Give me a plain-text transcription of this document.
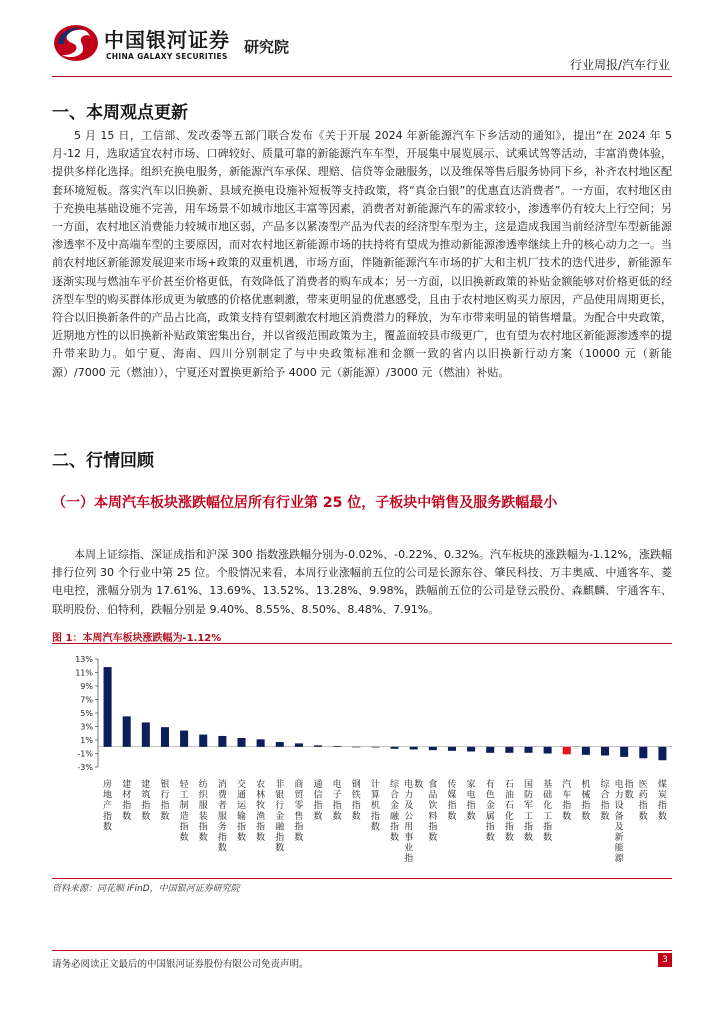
中国银河证券
CHINA GALAXY SECURITIES
研究院
行业周报/汽车行业
一、本周观点更新

5 月 15 日，工信部、发改委等五部门联合发布《关于开展 2024 年新能源汽车下乡活动的通知》，提出“在 2024 年 5 月-12 月，选取适宜农村市场、口碑较好、质量可靠的新能源汽车车型，开展集中展览展示、试乘试驾等活动，丰富消费体验，提供多样化选择。组织充换电服务，新能源汽车承保、理赔、信贷等金融服务，以及维保等售后服务协同下乡，补齐农村地区配套环境短板。落实汽车以旧换新、县域充换电设施补短板等支持政策，将“真金白银”的优惠直达消费者”。一方面，农村地区由于充换电基础设施不完善，用车场景不如城市地区丰富等因素，消费者对新能源汽车的需求较小，渗透率仍有较大上行空间；另一方面，农村地区消费能力较城市地区弱，产品多以紧凑型产品为代表的经济型车型为主，这是造成我国当前经济型车型新能源渗透率不及中高端车型的主要原因，而对农村地区新能源市场的扶持将有望成为推动新能源渗透率继续上升的核心动力之一。当前农村地区新能源发展迎来市场+政策的双重机遇，市场方面，伴随新能源汽车市场的扩大和主机厂技术的迭代进步，新能源车逐渐实现与燃油车平价甚至价格更低，有效降低了消费者的购车成本；另一方面，以旧换新政策的补贴金额能够对价格更低的经济型车型的购买群体形成更为敏感的价格优惠刺激，带来更明显的优惠感受，且由于农村地区购买力原因，产品使用周期更长，符合以旧换新条件的产品占比高，政策支持有望刺激农村地区消费潜力的释放，为车市带来明显的销售增量。为配合中央政策，近期地方性的以旧换新补贴政策密集出台，并以省级范围政策为主，覆盖面较县市级更广，也有望为农村地区新能源渗透率的提升带来助力。如宁夏、海南、四川分别制定了与中央政策标准和金额一致的省内以旧换新行动方案（10000 元（新能源）/7000 元（燃油）），宁夏还对置换更新给予 4000 元（新能源）/3000 元（燃油）补贴。

二、行情回顾
（一）本周汽车板块涨跌幅位居所有行业第 25 位，子板块中销售及服务跌幅最小

本周上证综指、深证成指和沪深 300 指数涨跌幅分别为-0.02%、-0.22%、0.32%。汽车板块的涨跌幅为-1.12%，涨跌幅排行位列 30 个行业中第 25 位。个股情况来看，本周行业涨幅前五位的公司是长源东谷、肇民科技、万丰奥威、中通客车、菱电电控，涨幅分别为 17.61%、13.69%、13.52%、13.28%、9.98%，跌幅前五位的公司是登云股份、森麒麟、宇通客车、联明股份、伯特利，跌幅分别是 9.40%、8.55%、8.50%、8.48%、7.91%。

图 1：本周汽车板块涨跌幅为-1.12%
13%
11%
9%
7%
5%
3%
1%
-1%
-3%
房地产指数
建材指数
建筑指数
银行指数
轻工制造指数
纺织服装指数
消费者服务指数
交通运输指数
农林牧渔指数
非银行金融指数
商贸零售指数
通信指数
电子指数
钢铁指数
计算机指数
综合金融指数
电力及公用事业指数 食品饮料指数
传媒指数
家电指数
有色金属指数
石油石化指数
国防军工指数
基础化工指数
汽车指数
机械指数
综合指数
电力设备及新能源指数
医药指数
煤炭指数
资料来源：同花顺 iFinD，中国银河证券研究院
请务必阅读正文最后的中国银河证券股份有限公司免责声明。	3
